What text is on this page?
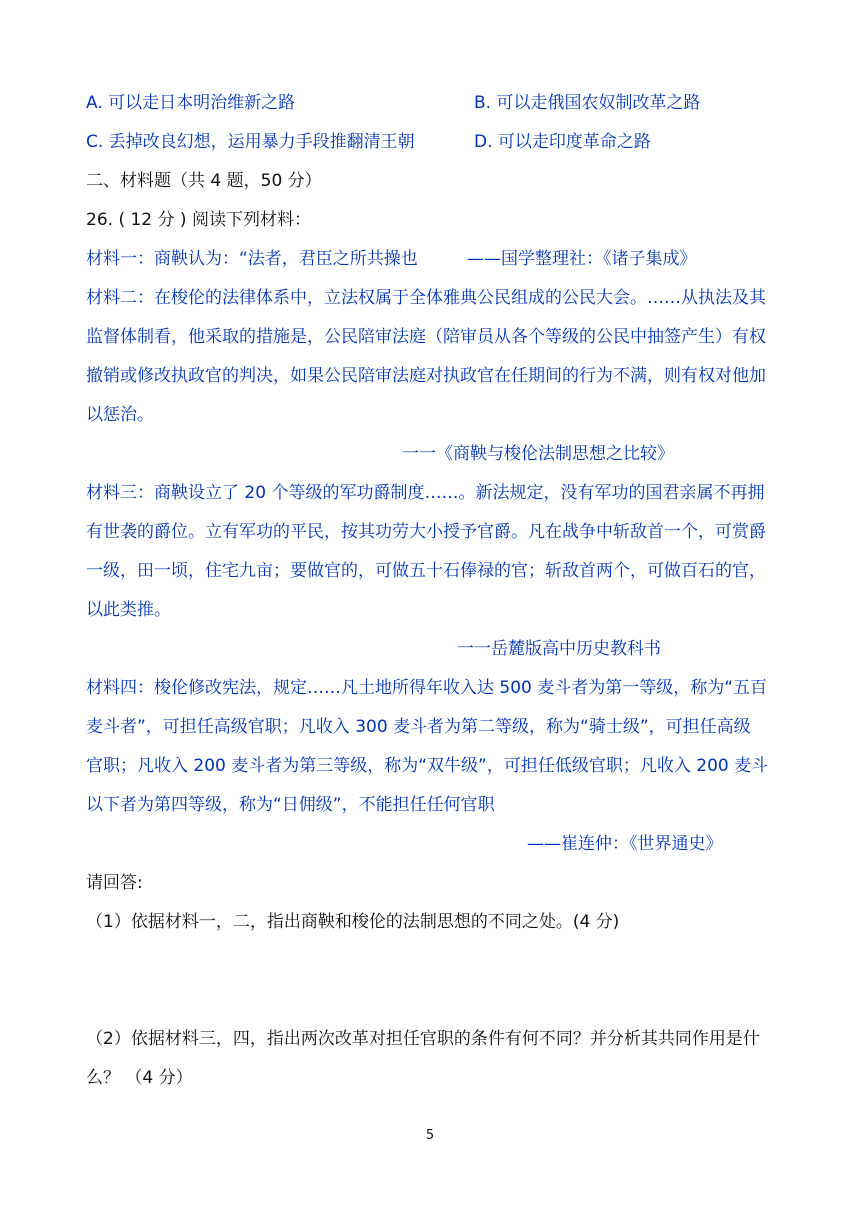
A. 可以走日本明治维新之路	B. 可以走俄国农奴制改革之路
C. 丢掉改良幻想，运用暴力手段推翻清王朝	D. 可以走印度革命之路
二、材料题（共 4 题，50 分）
26. ( 12 分 ) 阅读下列材料：
材料一：商鞅认为：“法者，君臣之所共操也	——国学整理社：《诸子集成》
材料二：在梭伦的法律体系中，立法权属于全体雅典公民组成的公民大会。……从执法及其
监督体制看，他采取的措施是，公民陪审法庭（陪审员从各个等级的公民中抽签产生）有权
撤销或修改执政官的判决，如果公民陪审法庭对执政官在任期间的行为不满，则有权对他加
以惩治。
一一《商鞅与梭伦法制思想之比较》
材料三：商鞅设立了 20 个等级的军功爵制度……。新法规定，没有军功的国君亲属不再拥
有世袭的爵位。立有军功的平民，按其功劳大小授予官爵。凡在战争中斩敌首一个，可赏爵
一级，田一顷，住宅九亩；要做官的，可做五十石俸禄的官；斩敌首两个，可做百石的官，
以此类推。
一一岳麓版高中历史教科书
材料四：梭伦修改宪法，规定……凡土地所得年收入达 500 麦斗者为第一等级，称为“五百
麦斗者”，可担任高级官职；凡收入 300 麦斗者为第二等级，称为“骑士级”，可担任高级
官职；凡收入 200 麦斗者为第三等级，称为“双牛级”，可担任低级官职；凡收入 200 麦斗
以下者为第四等级，称为“日佣级”，不能担任任何官职
——崔连仲：《世界通史》
请回答:
（1）依据材料一，二，指出商鞅和梭伦的法制思想的不同之处。(4 分)
（2）依据材料三，四，指出两次改革对担任官职的条件有何不同？并分析其共同作用是什
么？ （4 分）
5
